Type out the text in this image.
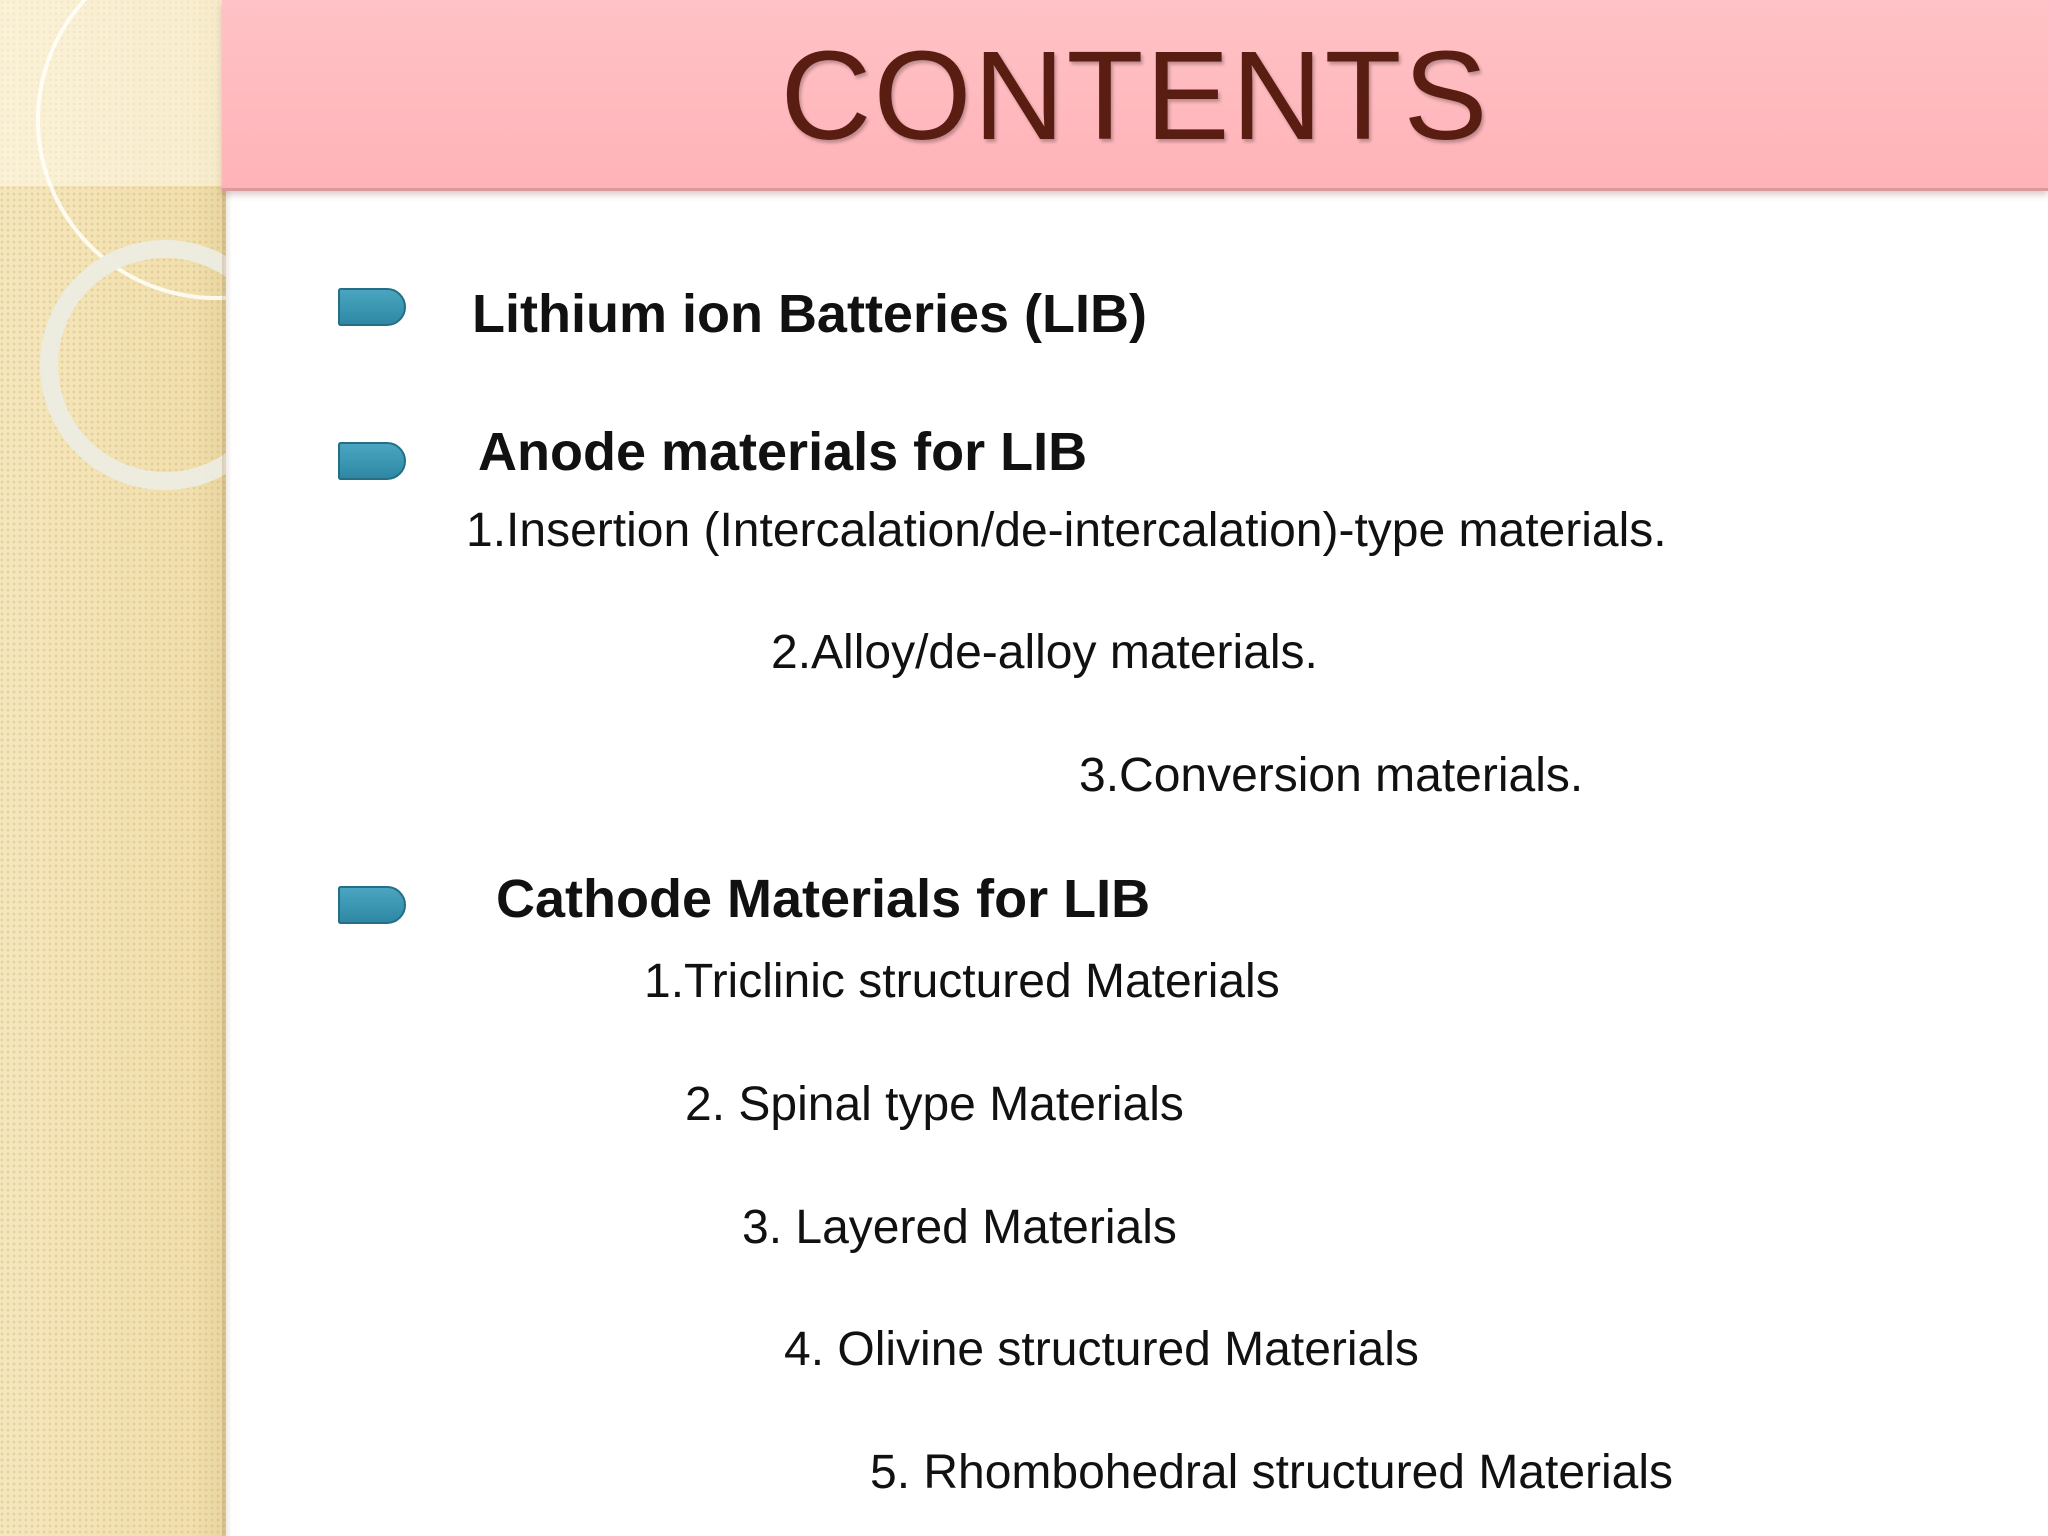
CONTENTS
Lithium ion Batteries (LIB)
Anode materials for LIB
1.Insertion (Intercalation/de-intercalation)-type materials.
2.Alloy/de-alloy materials.
3.Conversion materials.
Cathode Materials for LIB
1.Triclinic structured Materials
2. Spinal type Materials
3. Layered Materials
4. Olivine structured Materials
5. Rhombohedral structured Materials
